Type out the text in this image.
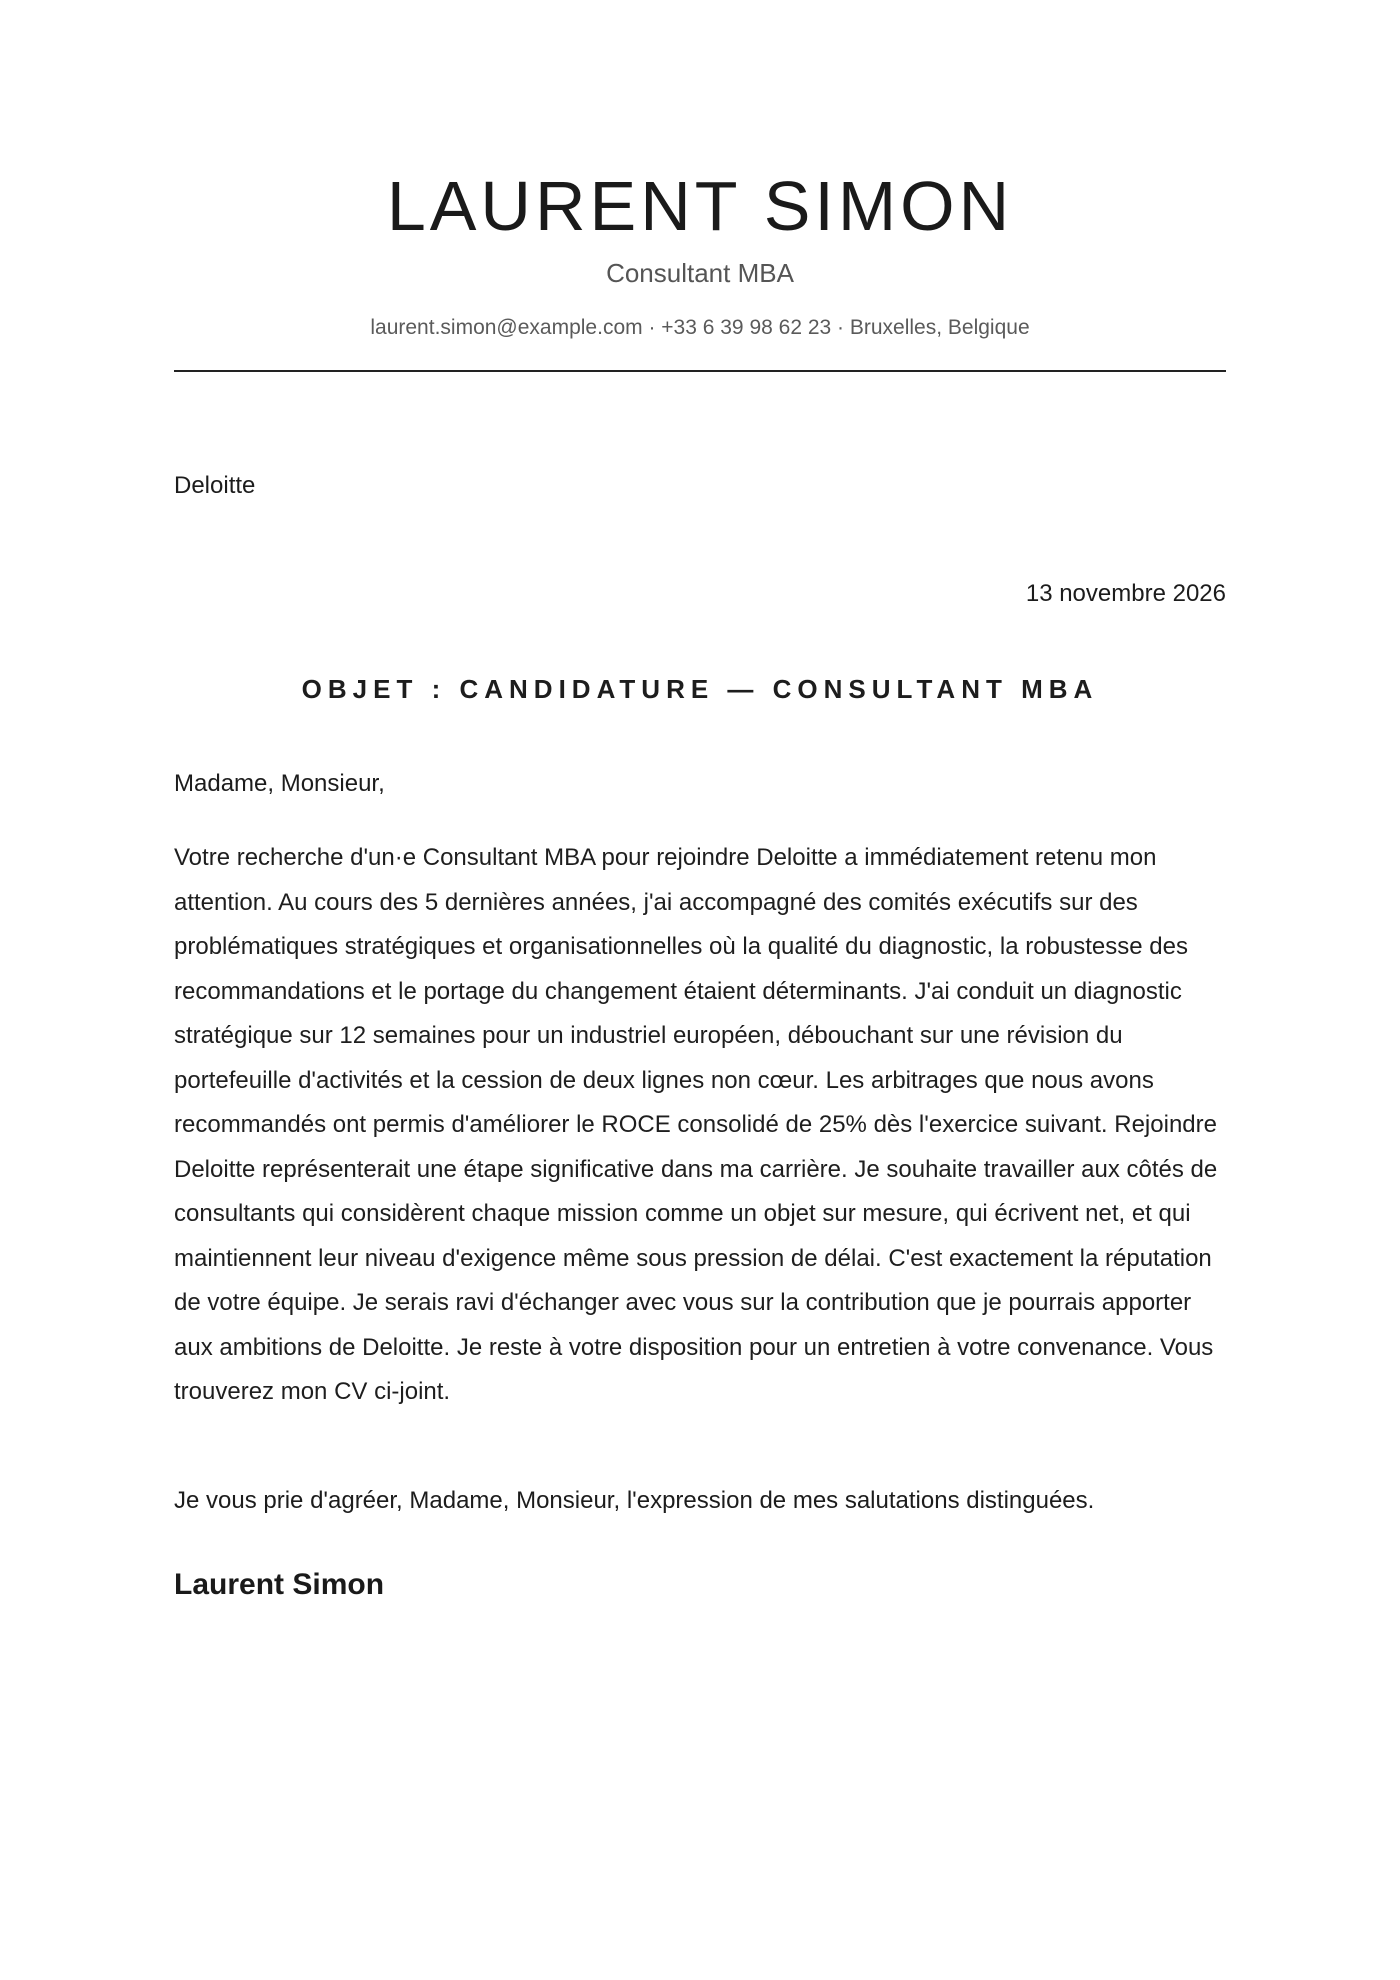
LAURENT SIMON
Consultant MBA
laurent.simon@example.com · +33 6 39 98 62 23 · Bruxelles, Belgique
Deloitte
13 novembre 2026
OBJET : CANDIDATURE — CONSULTANT MBA
Madame, Monsieur,
Votre recherche d'un·e Consultant MBA pour rejoindre Deloitte a immédiatement retenu mon attention. Au cours des 5 dernières années, j'ai accompagné des comités exécutifs sur des problématiques stratégiques et organisationnelles où la qualité du diagnostic, la robustesse des recommandations et le portage du changement étaient déterminants. J'ai conduit un diagnostic stratégique sur 12 semaines pour un industriel européen, débouchant sur une révision du portefeuille d'activités et la cession de deux lignes non cœur. Les arbitrages que nous avons recommandés ont permis d'améliorer le ROCE consolidé de 25% dès l'exercice suivant. Rejoindre Deloitte représenterait une étape significative dans ma carrière. Je souhaite travailler aux côtés de consultants qui considèrent chaque mission comme un objet sur mesure, qui écrivent net, et qui maintiennent leur niveau d'exigence même sous pression de délai. C'est exactement la réputation de votre équipe. Je serais ravi d'échanger avec vous sur la contribution que je pourrais apporter aux ambitions de Deloitte. Je reste à votre disposition pour un entretien à votre convenance. Vous trouverez mon CV ci-joint.
Je vous prie d'agréer, Madame, Monsieur, l'expression de mes salutations distinguées.
Laurent Simon
